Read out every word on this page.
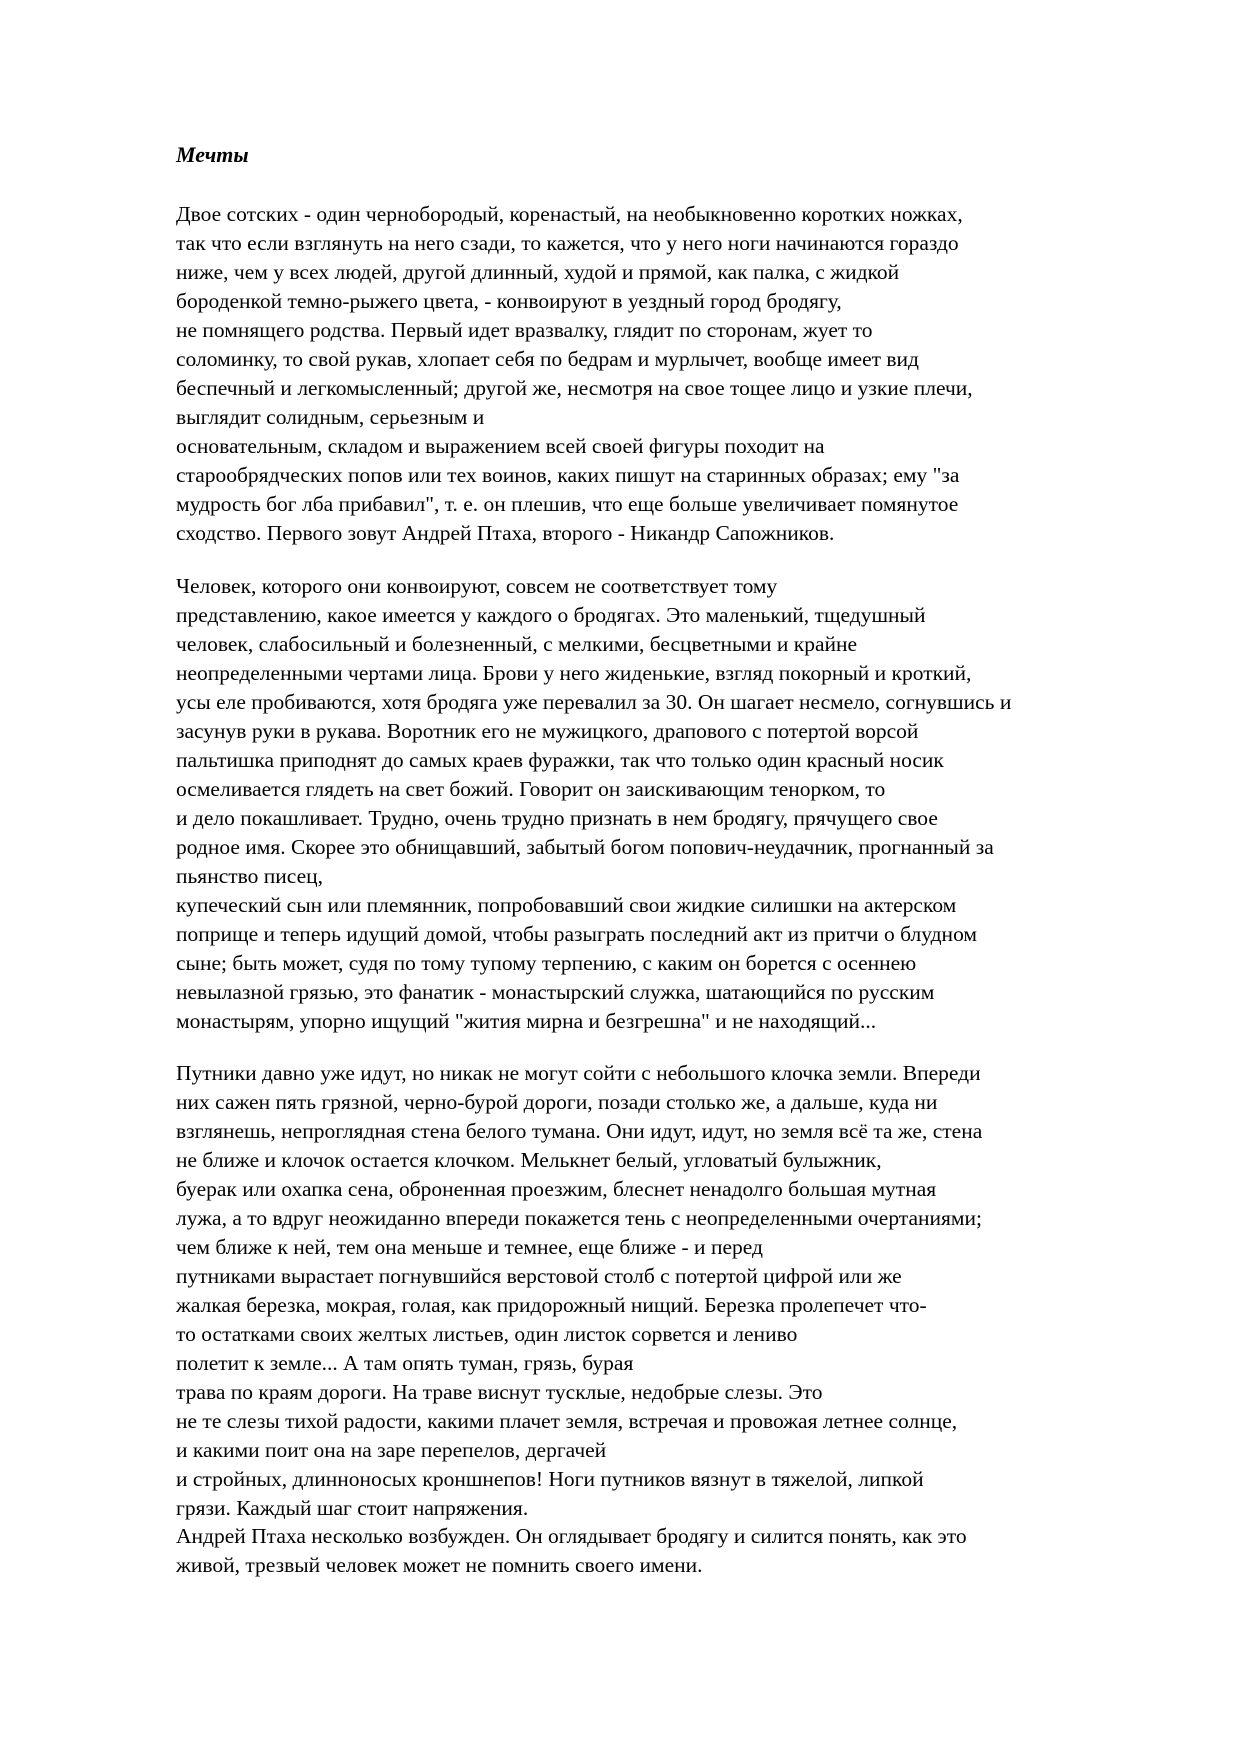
Мечты
Двое сотских - один чернобородый, коренастый, на необыкновенно коротких ножках,
так что если взглянуть на него сзади, то кажется, что у него ноги начинаются гораздо
ниже, чем у всех людей, другой длинный, худой и прямой, как палка, с жидкой
бороденкой темно-рыжего цвета, - конвоируют в уездный город бродягу,
не помнящего родства. Первый идет вразвалку, глядит по сторонам, жует то
соломинку, то свой рукав, хлопает себя по бедрам и мурлычет, вообще имеет вид
беспечный и легкомысленный; другой же, несмотря на свое тощее лицо и узкие плечи,
выглядит солидным, серьезным и
основательным, складом и выражением всей своей фигуры походит на
старообрядческих попов или тех воинов, каких пишут на старинных образах; ему "за
мудрость бог лба прибавил", т. е. он плешив, что еще больше увеличивает помянутое
сходство. Первого зовут Андрей Птаха, второго - Никандр Сапожников.
Человек, которого они конвоируют, совсем не соответствует тому
представлению, какое имеется у каждого о бродягах. Это маленький, тщедушный
человек, слабосильный и болезненный, с мелкими, бесцветными и крайне
неопределенными чертами лица. Брови у него жиденькие, взгляд покорный и кроткий,
усы еле пробиваются, хотя бродяга уже перевалил за 30. Он шагает несмело, согнувшись и
засунув руки в рукава. Воротник его не мужицкого, драпового с потертой ворсой
пальтишка приподнят до самых краев фуражки, так что только один красный носик
осмеливается глядеть на свет божий. Говорит он заискивающим тенорком, то
и дело покашливает. Трудно, очень трудно признать в нем бродягу, прячущего свое
родное имя. Скорее это обнищавший, забытый богом попович-неудачник, прогнанный за
пьянство писец,
купеческий сын или племянник, попробовавший свои жидкие силишки на актерском
поприще и теперь идущий домой, чтобы разыграть последний акт из притчи о блудном
сыне; быть может, судя по тому тупому терпению, с каким он борется с осеннею
невылазной грязью, это фанатик - монастырский служка, шатающийся по русским
монастырям, упорно ищущий "жития мирна и безгрешна" и не находящий...
Путники давно уже идут, но никак не могут сойти с небольшого клочка земли. Впереди
них сажен пять грязной, черно-бурой дороги, позади столько же, а дальше, куда ни
взглянешь, непроглядная стена белого тумана. Они идут, идут, но земля всё та же, стена
не ближе и клочок остается клочком. Мелькнет белый, угловатый булыжник,
буерак или охапка сена, оброненная проезжим, блеснет ненадолго большая мутная
лужа, а то вдруг неожиданно впереди покажется тень с неопределенными очертаниями;
чем ближе к ней, тем она меньше и темнее, еще ближе - и перед
путниками вырастает погнувшийся верстовой столб с потертой цифрой или же
жалкая березка, мокрая, голая, как придорожный нищий. Березка пролепечет что-
то остатками своих желтых листьев, один листок сорвется и лениво
полетит к земле... А там опять туман, грязь, бурая
трава по краям дороги. На траве виснут тусклые, недобрые слезы. Это
не те слезы тихой радости, какими плачет земля, встречая и провожая летнее солнце,
и какими поит она на заре перепелов, дергачей
и стройных, длинноносых кроншнепов! Ноги путников вязнут в тяжелой, липкой
грязи. Каждый шаг стоит напряжения.
Андрей Птаха несколько возбужден. Он оглядывает бродягу и силится понять, как это
живой, трезвый человек может не помнить своего имени.
